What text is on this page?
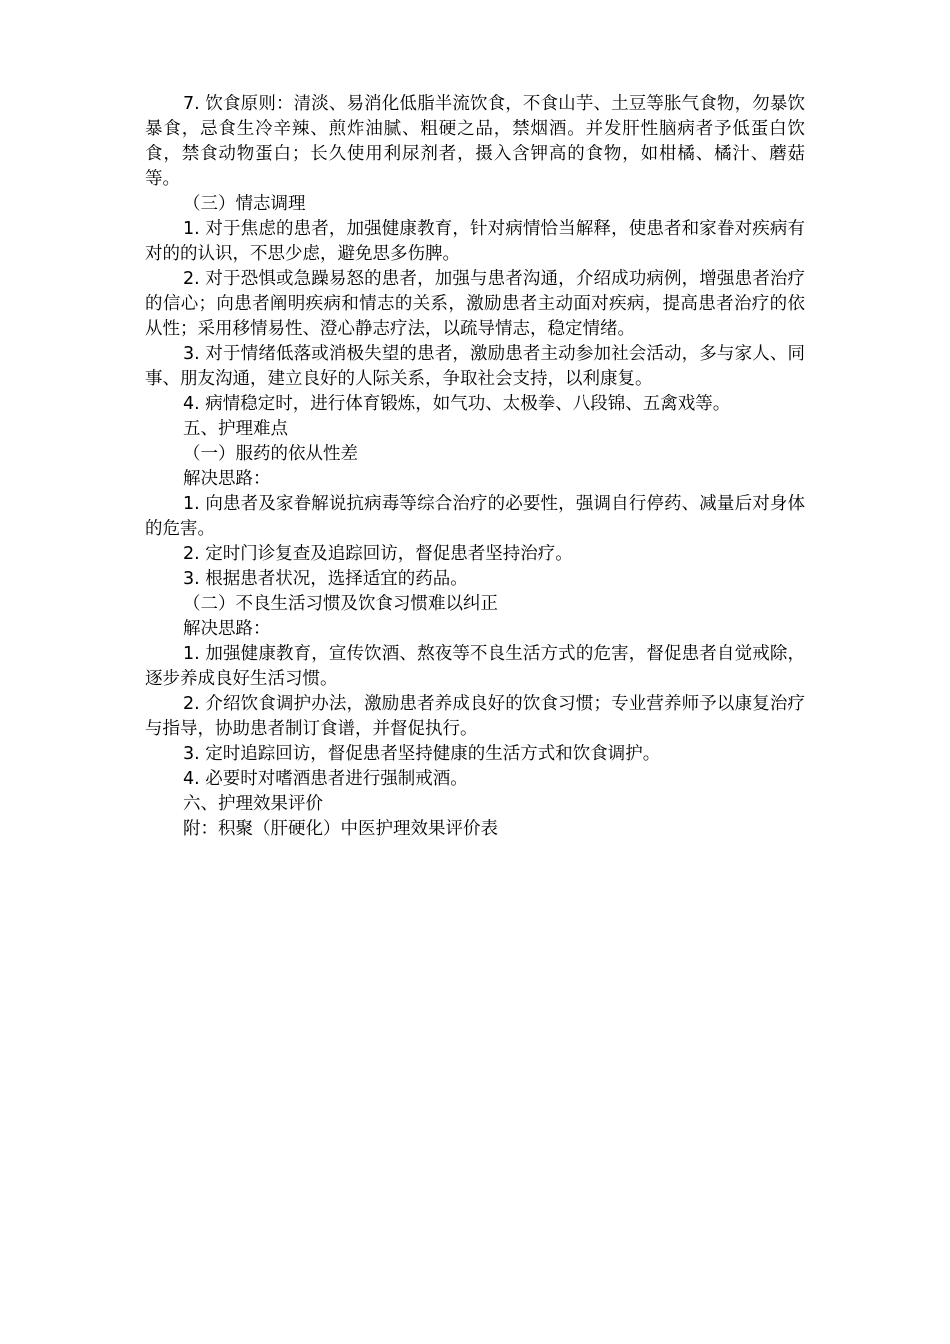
7. 饮食原则：清淡、易消化低脂半流饮食，不食山芋、土豆等胀气食物，勿暴饮暴食，忌食生冷辛辣、煎炸油腻、粗硬之品，禁烟酒。并发肝性脑病者予低蛋白饮食，禁食动物蛋白；长久使用利尿剂者，摄入含钾高的食物，如柑橘、橘汁、蘑菇等。

（三）情志调理

1. 对于焦虑的患者，加强健康教育，针对病情恰当解释，使患者和家眷对疾病有对的的认识，不思少虑，避免思多伤脾。

2. 对于恐惧或急躁易怒的患者，加强与患者沟通，介绍成功病例，增强患者治疗的信心；向患者阐明疾病和情志的关系，激励患者主动面对疾病，提高患者治疗的依从性；采用移情易性、澄心静志疗法，以疏导情志，稳定情绪。

3. 对于情绪低落或消极失望的患者，激励患者主动参加社会活动，多与家人、同事、朋友沟通，建立良好的人际关系，争取社会支持，以利康复。

4. 病情稳定时，进行体育锻炼，如气功、太极拳、八段锦、五禽戏等。

五、护理难点

（一）服药的依从性差

解决思路：

1. 向患者及家眷解说抗病毒等综合治疗的必要性，强调自行停药、减量后对身体的危害。

2. 定时门诊复查及追踪回访，督促患者坚持治疗。

3. 根据患者状况，选择适宜的药品。

（二）不良生活习惯及饮食习惯难以纠正

解决思路：

1. 加强健康教育，宣传饮酒、熬夜等不良生活方式的危害，督促患者自觉戒除，逐步养成良好生活习惯。

2. 介绍饮食调护办法，激励患者养成良好的饮食习惯；专业营养师予以康复治疗与指导，协助患者制订食谱，并督促执行。

3. 定时追踪回访，督促患者坚持健康的生活方式和饮食调护。

4. 必要时对嗜酒患者进行强制戒酒。

六、护理效果评价

附：积聚（肝硬化）中医护理效果评价表
